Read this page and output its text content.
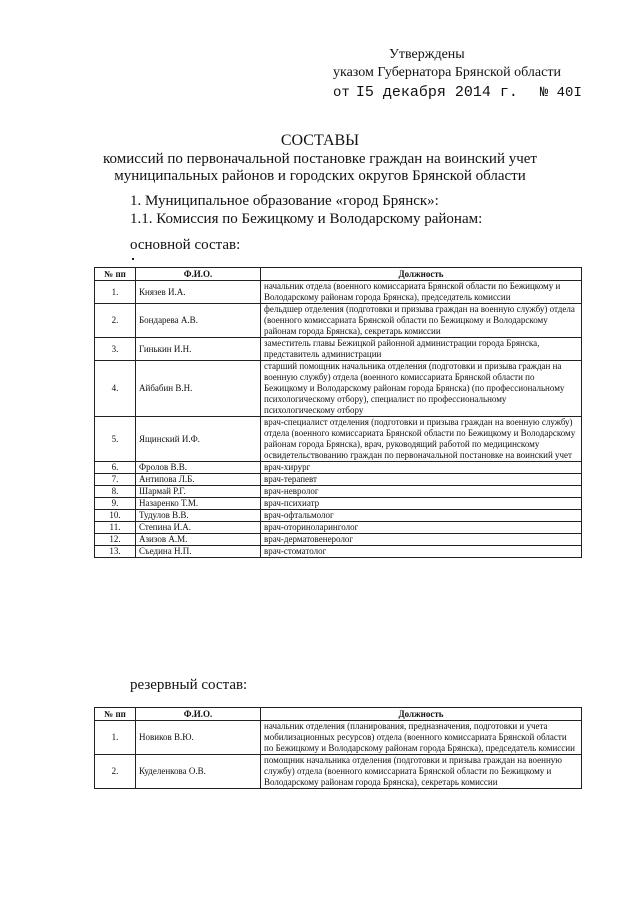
Утверждены
указом Губернатора Брянской области
от I5 декабря 2014 г. № 40I
СОСТАВЫ
комиссий по первоначальной постановке граждан на воинский учет
муниципальных районов и городских округов Брянской области
1. Муниципальное образование «город Брянск»:
1.1. Комиссия по Бежицкому и Володарскому районам:
основной состав:
№ пп	Ф.И.О.	Должность
1.	Князев И.А.	начальник отдела (военного комиссариата Брянской области по Бежицкому и Володарскому районам города Брянска), председатель комиссии
2.	Бондарева А.В.	фельдшер отделения (подготовки и призыва граждан на военную службу) отдела (военного комиссариата Брянской области по Бежицкому и Володарскому районам города Брянска), секретарь комиссии
3.	Гинькин И.Н.	заместитель главы Бежицкой районной администрации города Брянска, представитель администрации
4.	Айбабин В.Н.	старший помощник начальника отделения (подготовки и призыва граждан на военную службу) отдела (военного комиссариата Брянской области по Бежицкому и Володарскому районам города Брянска) (по профессиональному психологическому отбору), специалист по профессиональному психологическому отбору
5.	Ящинский И.Ф.	врач-специалист отделения (подготовки и призыва граждан на военную службу) отдела (военного комиссариата Брянской области по Бежицкому и Володарскому районам города Брянска), врач, руководящий работой по медицинскому освидетельствованию граждан по первоначальной постановке на воинский учет
6.	Фролов В.В.	врач-хирург
7.	Антипова Л.Б.	врач-терапевт
8.	Шармай Р.Г.	врач-невролог
9.	Назаренко Т.М.	врач-психиатр
10.	Тудулов В.В.	врач-офтальмолог
11.	Степина И.А.	врач-оториноларинголог
12.	Азизов А.М.	врач-дерматовенеролог
13.	Съедина Н.П.	врач-стоматолог
резервный состав:
№ пп	Ф.И.О.	Должность
1.	Новиков В.Ю.	начальник отделения (планирования, предназначения, подготовки и учета мобилизационных ресурсов) отдела (военного комиссариата Брянской области по Бежицкому и Володарскому районам города Брянска), председатель комиссии
2.	Куделенкова О.В.	помощник начальника отделения (подготовки и призыва граждан на военную службу) отдела (военного комиссариата Брянской области по Бежицкому и Володарскому районам города Брянска), секретарь комиссии
